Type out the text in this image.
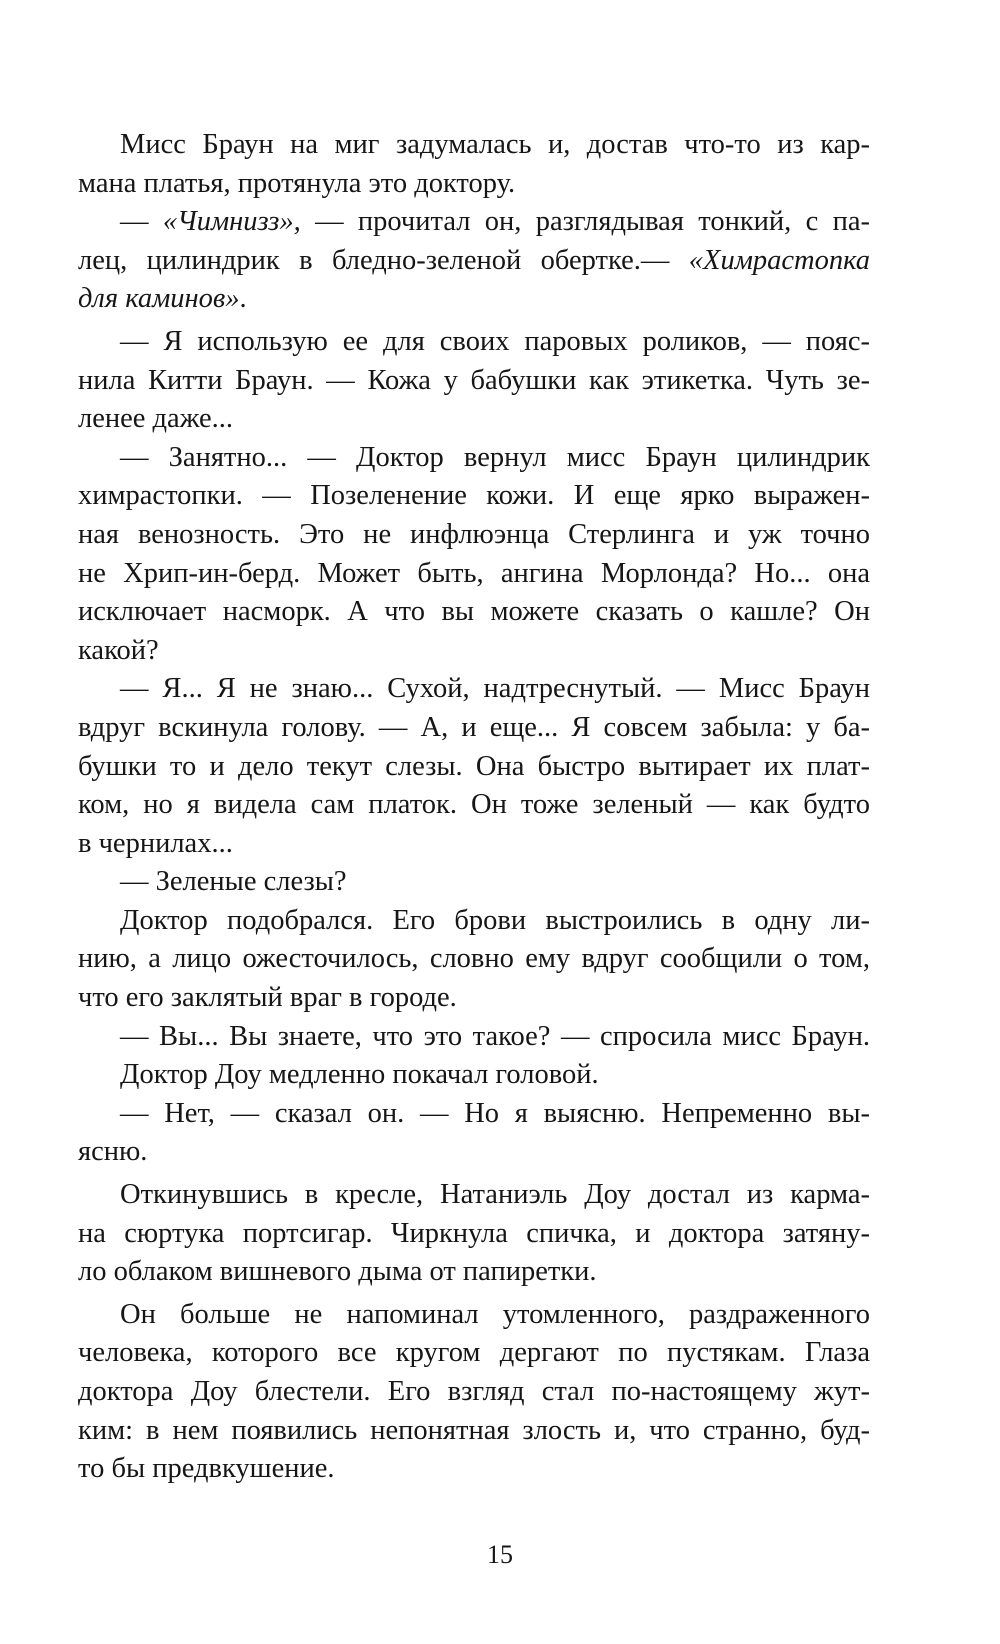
Мисс Браун на миг задумалась и, достав что-то из кар-
мана платья, протянула это доктору.
— «Чимнизз», — прочитал он, разглядывая тонкий, с па-
лец, цилиндрик в бледно-зеленой обертке.— «Химрастопка
для каминов».
— Я использую ее для своих паровых роликов, — пояс-
нила Китти Браун. — Кожа у бабушки как этикетка. Чуть зе-
ленее даже...
— Занятно... — Доктор вернул мисс Браун цилиндрик
химрастопки. — Позеленение кожи. И еще ярко выражен-
ная венозность. Это не инфлюэнца Стерлинга и уж точно
не Хрип-ин-берд. Может быть, ангина Морлонда? Но... она
исключает насморк. А что вы можете сказать о кашле? Он
какой?
— Я... Я не знаю... Сухой, надтреснутый. — Мисс Браун
вдруг вскинула голову. — А, и еще... Я совсем забыла: у ба-
бушки то и дело текут слезы. Она быстро вытирает их плат-
ком, но я видела сам платок. Он тоже зеленый — как будто
в чернилах...
— Зеленые слезы?
Доктор подобрался. Его брови выстроились в одну ли-
нию, а лицо ожесточилось, словно ему вдруг сообщили о том,
что его заклятый враг в городе.
— Вы... Вы знаете, что это такое? — спросила мисс Браун.
Доктор Доу медленно покачал головой.
— Нет, — сказал он. — Но я выясню. Непременно вы-
ясню.
Откинувшись в кресле, Натаниэль Доу достал из карма-
на сюртука портсигар. Чиркнула спичка, и доктора затяну-
ло облаком вишневого дыма от папиретки.
Он больше не напоминал утомленного, раздраженного
человека, которого все кругом дергают по пустякам. Глаза
доктора Доу блестели. Его взгляд стал по-настоящему жут-
ким: в нем появились непонятная злость и, что странно, буд-
то бы предвкушение.
15
